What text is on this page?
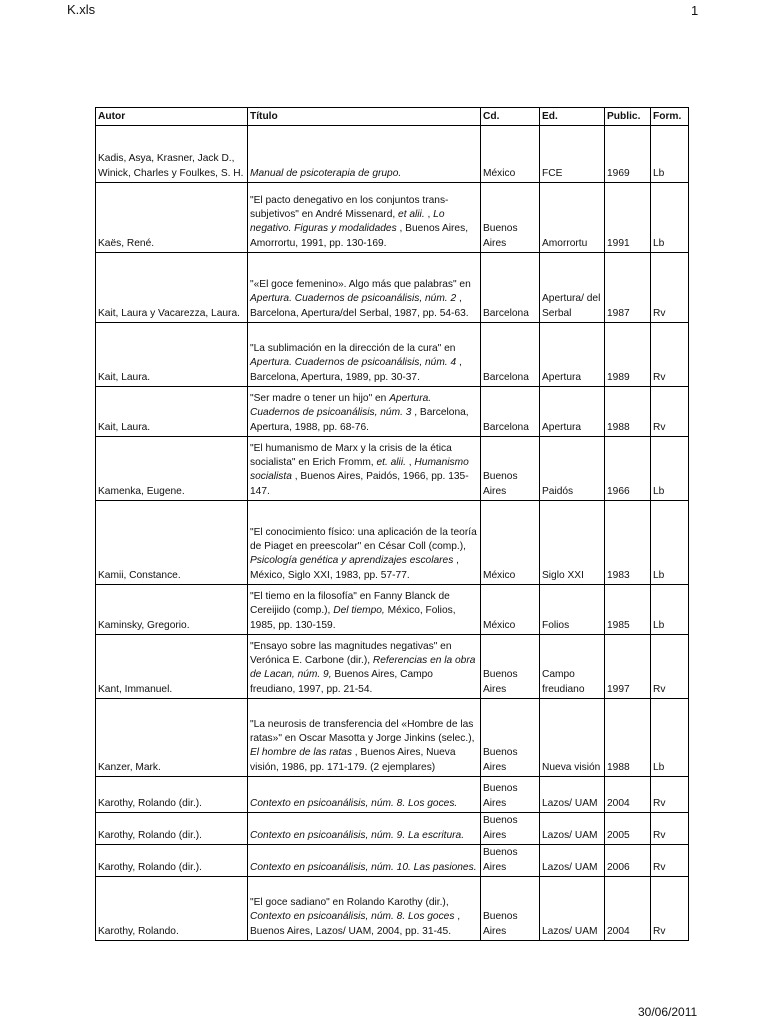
K.xls	1
Autor	Título	Cd.	Ed.	Public.	Form.
Kadis, Asya, Krasner, Jack D., Winick, Charles y Foulkes, S. H.	Manual de psicoterapia de grupo.	México	FCE	1969	Lb
Kaës, René.	"El pacto denegativo en los conjuntos trans-subjetivos" en André Missenard, et alii. , Lo negativo. Figuras y modalidades , Buenos Aires, Amorrortu, 1991, pp. 130-169.	Buenos Aires	Amorrortu	1991	Lb
Kait, Laura y Vacarezza, Laura.	"«El goce femenino». Algo más que palabras" en Apertura. Cuadernos de psicoanálisis, núm. 2 , Barcelona, Apertura/del Serbal, 1987, pp. 54-63.	Barcelona	Apertura/ del Serbal	1987	Rv
Kait, Laura.	"La sublimación en la dirección de la cura" en Apertura. Cuadernos de psicoanálisis, núm. 4 , Barcelona, Apertura, 1989, pp. 30-37.	Barcelona	Apertura	1989	Rv
Kait, Laura.	"Ser madre o tener un hijo" en Apertura. Cuadernos de psicoanálisis, núm. 3 , Barcelona, Apertura, 1988, pp. 68-76.	Barcelona	Apertura	1988	Rv
Kamenka, Eugene.	"El humanismo de Marx y la crisis de la ética socialista" en Erich Fromm, et. alii. , Humanismo socialista , Buenos Aires, Paidós, 1966, pp. 135-147.	Buenos Aires	Paidós	1966	Lb
Kamii, Constance.	"El conocimiento físico: una aplicación de la teoría de Piaget en preescolar" en César Coll (comp.), Psicología genética y aprendizajes escolares , México, Siglo XXI, 1983, pp. 57-77.	México	Siglo XXI	1983	Lb
Kaminsky, Gregorio.	"El tiemo en la filosofía" en Fanny Blanck de Cereijido (comp.), Del tiempo, México, Folios, 1985, pp. 130-159.	México	Folios	1985	Lb
Kant, Immanuel.	"Ensayo sobre las magnitudes negativas" en Verónica E. Carbone (dir.), Referencias en la obra de Lacan, núm. 9, Buenos Aires, Campo freudiano, 1997, pp. 21-54.	Buenos Aires	Campo freudiano	1997	Rv
Kanzer, Mark.	"La neurosis de transferencia del «Hombre de las ratas»" en Oscar Masotta y Jorge Jinkins (selec.), El hombre de las ratas , Buenos Aires, Nueva visión, 1986, pp. 171-179. (2 ejemplares)	Buenos Aires	Nueva visión	1988	Lb
Karothy, Rolando (dir.).	Contexto en psicoanálisis, núm. 8. Los goces.	Buenos Aires	Lazos/ UAM	2004	Rv
Karothy, Rolando (dir.).	Contexto en psicoanálisis, núm. 9. La escritura.	Buenos Aires	Lazos/ UAM	2005	Rv
Karothy, Rolando (dir.).	Contexto en psicoanálisis, núm. 10. Las pasiones.	Buenos Aires	Lazos/ UAM	2006	Rv
Karothy, Rolando.	"El goce sadiano" en Rolando Karothy (dir.), Contexto en psicoanálisis, núm. 8. Los goces , Buenos Aires, Lazos/ UAM, 2004, pp. 31-45.	Buenos Aires	Lazos/ UAM	2004	Rv
30/06/2011
